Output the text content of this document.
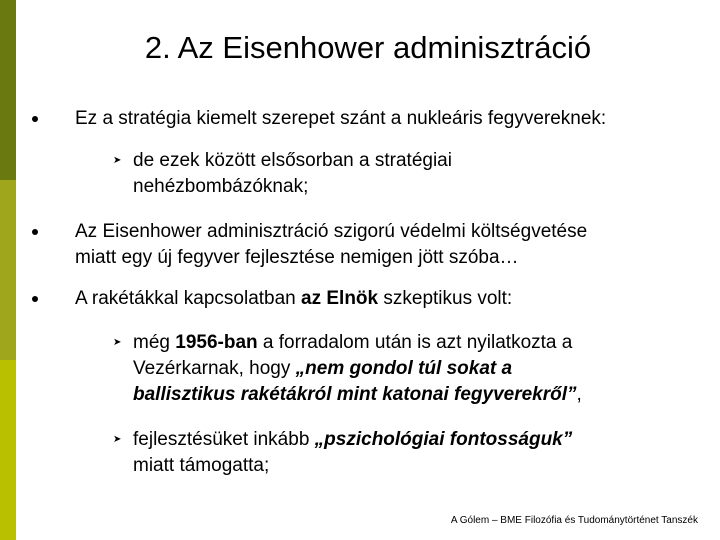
2. Az Eisenhower adminisztráció
Ez a stratégia kiemelt szerepet szánt a nukleáris fegyvereknek:
➤ de ezek között elsősorban a stratégiai
nehézbombázóknak;
Az Eisenhower adminisztráció szigorú védelmi költségvetése
miatt egy új fegyver fejlesztése nemigen jött szóba…
A rakétákkal kapcsolatban az Elnök szkeptikus volt:
➤ még 1956-ban a forradalom után is azt nyilatkozta a
Vezérkarnak, hogy „nem gondol túl sokat a
ballisztikus rakétákról mint katonai fegyverekről”,
➤ fejlesztésüket inkább „pszichológiai fontosságuk”
miatt támogatta;
A Gólem – BME Filozófia és Tudománytörténet Tanszék
